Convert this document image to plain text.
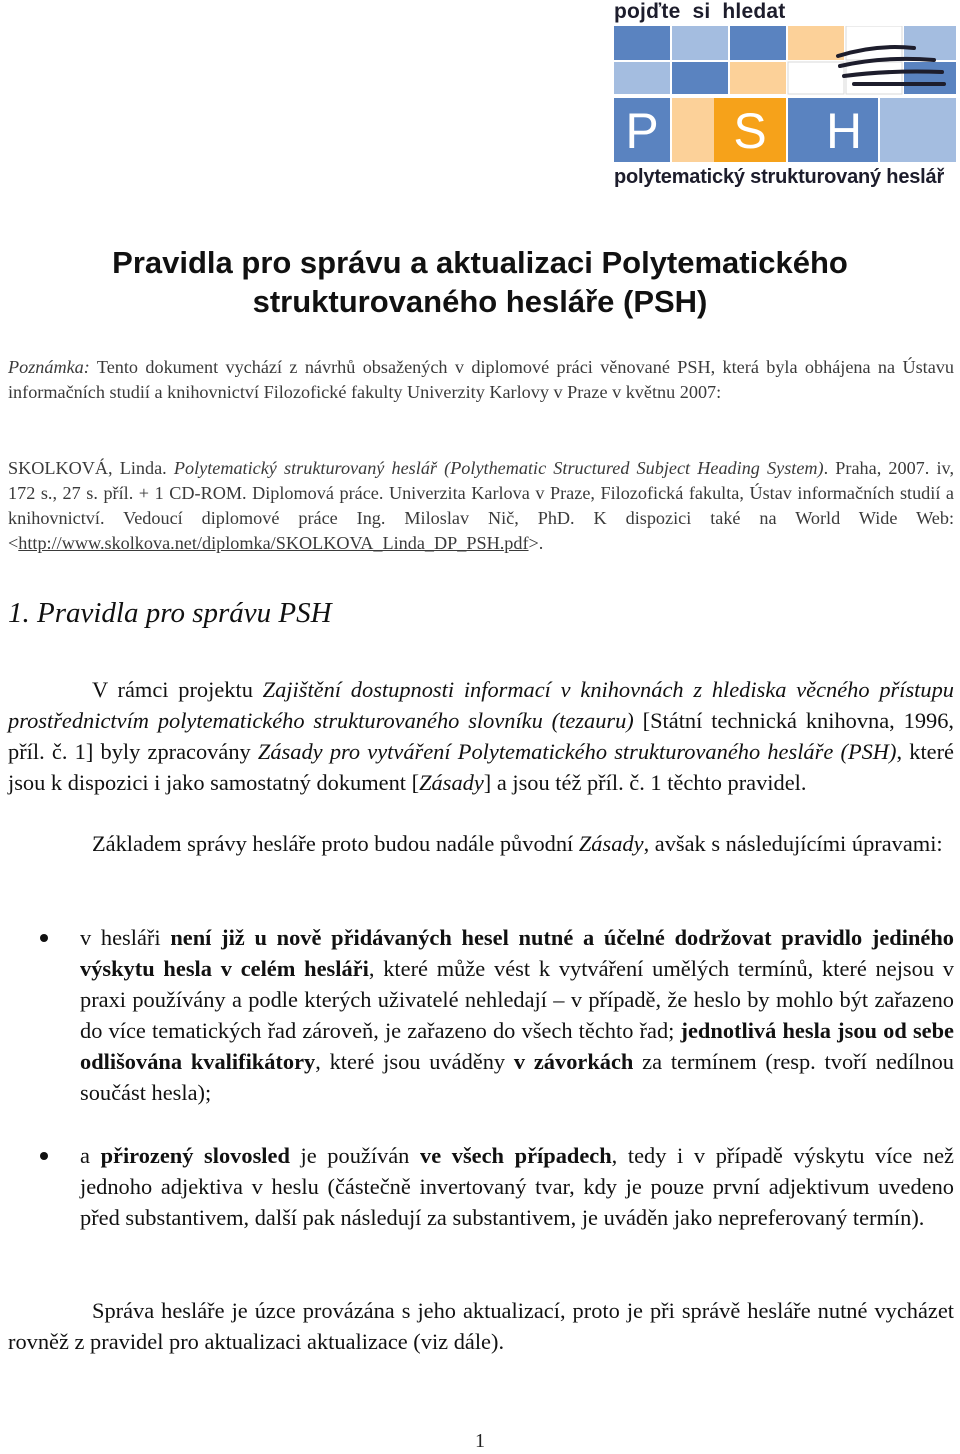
pojďte si hledat
P S H
polytematický strukturovaný heslář
Pravidla pro správu a aktualizaci Polytematického
strukturovaného hesláře (PSH)
Poznámka: Tento dokument vychází z návrhů obsažených v diplomové práci věnované PSH, která byla obhájena na Ústavu informačních studií a knihovnictví Filozofické fakulty Univerzity Karlovy v Praze v květnu 2007:
SKOLKOVÁ, Linda. Polytematický strukturovaný heslář (Polythematic Structured Subject Heading System). Praha, 2007. iv, 172 s., 27 s. příl. + 1 CD-ROM. Diplomová práce. Univerzita Karlova v Praze, Filozofická fakulta, Ústav informačních studií a knihovnictví. Vedoucí diplomové práce Ing. Miloslav Nič, PhD. K dispozici také na World Wide Web: <http://www.skolkova.net/diplomka/SKOLKOVA_Linda_DP_PSH.pdf>.
1. Pravidla pro správu PSH
V rámci projektu Zajištění dostupnosti informací v knihovnách z hlediska věcného přístupu prostřednictvím polytematického strukturovaného slovníku (tezauru) [Státní technická knihovna, 1996, příl. č. 1] byly zpracovány Zásady pro vytváření Polytematického strukturovaného hesláře (PSH), které jsou k dispozici i jako samostatný dokument [Zásady] a jsou též příl. č. 1 těchto pravidel.
Základem správy hesláře proto budou nadále původní Zásady, avšak s následujícími úpravami:
v hesláři není již u nově přidávaných hesel nutné a účelné dodržovat pravidlo jediného výskytu hesla v celém hesláři, které může vést k vytváření umělých termínů, které nejsou v praxi používány a podle kterých uživatelé nehledají – v případě, že heslo by mohlo být zařazeno do více tematických řad zároveň, je zařazeno do všech těchto řad; jednotlivá hesla jsou od sebe odlišována kvalifikátory, které jsou uváděny v závorkách za termínem (resp. tvoří nedílnou součást hesla);
a přirozený slovosled je používán ve všech případech, tedy i v případě výskytu více než jednoho adjektiva v heslu (částečně invertovaný tvar, kdy je pouze první adjektivum uvedeno před substantivem, další pak následují za substantivem, je uváděn jako nepreferovaný termín).
Správa hesláře je úzce provázána s jeho aktualizací, proto je při správě hesláře nutné vycházet rovněž z pravidel pro aktualizaci aktualizace (viz dále).
1
